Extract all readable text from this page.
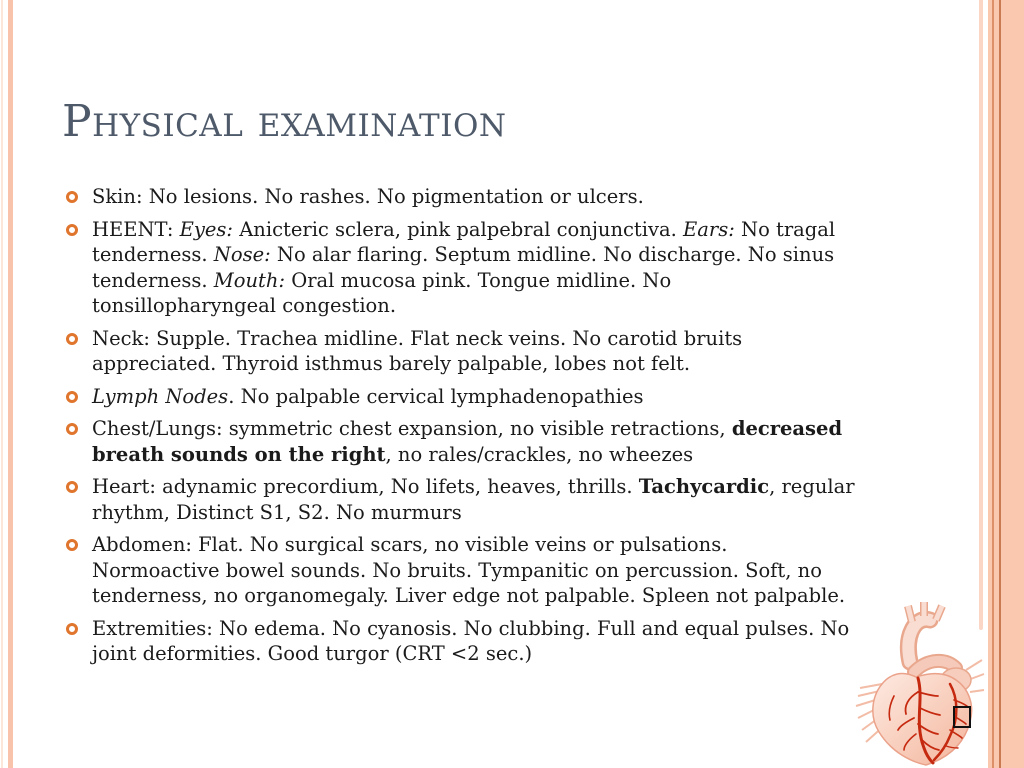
Physical examination
Skin: No lesions. No rashes. No pigmentation or ulcers.
HEENT: Eyes: Anicteric sclera, pink palpebral conjunctiva. Ears: No tragal tenderness. Nose: No alar flaring. Septum midline. No discharge. No sinus tenderness. Mouth: Oral mucosa pink. Tongue midline. No tonsillopharyngeal congestion.
Neck: Supple. Trachea midline. Flat neck veins. No carotid bruits appreciated. Thyroid isthmus barely palpable, lobes not felt.
Lymph Nodes. No palpable cervical lymphadenopathies
Chest/Lungs: symmetric chest expansion, no visible retractions, decreased breath sounds on the right, no rales/crackles, no wheezes
Heart: adynamic precordium, No lifets, heaves, thrills. Tachycardic, regular rhythm, Distinct S1, S2. No murmurs
Abdomen: Flat. No surgical scars, no visible veins or pulsations. Normoactive bowel sounds. No bruits. Tympanitic on percussion. Soft, no tenderness, no organomegaly. Liver edge not palpable. Spleen not palpable.
Extremities: No edema. No cyanosis. No clubbing. Full and equal pulses. No joint deformities. Good turgor (CRT <2 sec.)
